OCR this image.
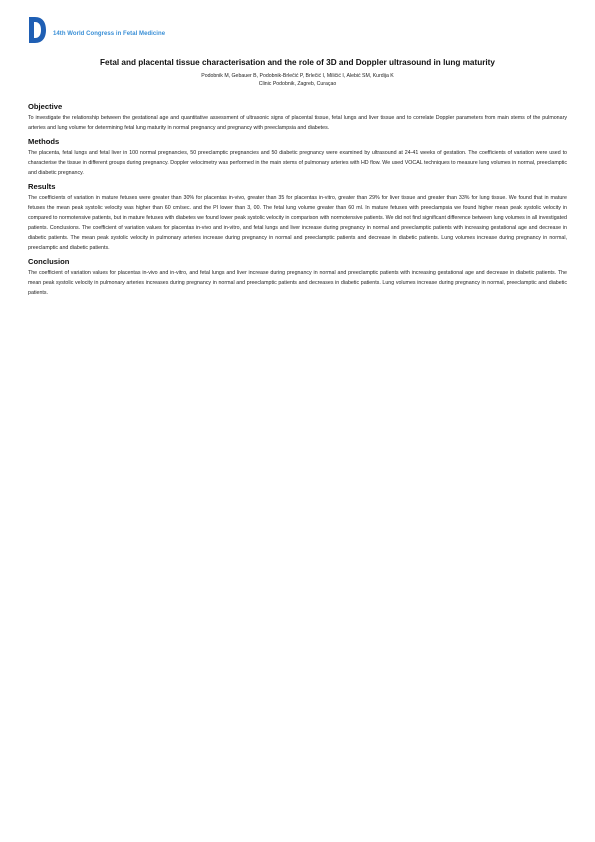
14th World Congress in Fetal Medicine
Fetal and placental tissue characterisation and the role of 3D and Doppler ultrasound in lung maturity
Podobnik M, Gebauer B, Podobnik-Brlečić P, Brlečić I, Miličić I, Alebić SM, Kurdija K
Clinic Podobnik, Zagreb, Curaçao
Objective

To investigate the relationship between the gestational age and quantitative assessment of ultrasonic signs of placental tissue, fetal lungs and liver tissue and to correlate Doppler parameters from main stems of the pulmonary arteries and lung volume for determining fetal lung maturity in normal pregnancy and pregnancy with preeclampsia and diabetes.

Methods

The placenta, fetal lungs and fetal liver in 100 normal pregnancies, 50 preeclamptic pregnancies and 50 diabetic pregnancy were examined by ultrasound at 24-41 weeks of gestation. The coefficients of variation were used to characterise the tissue in different groups during pregnancy. Doppler velocimetry was performed in the main stems of pulmonary arteries with HD flow. We used VOCAL techniques to measure lung volumes in normal, preeclamptic and diabetic pregnancy.

Results

The coefficients of variation in mature fetuses were greater than 30% for placentas in-vivo, greater than 35 for placentas in-vitro, greater than 29% for liver tissue and greater than 33% for lung tissue. We found that in mature fetuses the mean peak systolic velocity was higher than 60 cm/sec. and the PI lower than 3, 00. The fetal lung volume greater than 60 ml. In mature fetuses with preeclampsia we found higher mean peak systolic velocity in compared to normotensive patients, but in mature fetuses with diabetes we found lower peak systolic velocity in comparison with normotensive patients. We did not find significant difference between lung volumes in all investigated patients. Conclusions. The coefficient of variation values for placentas in-vivo and in-vitro, and fetal lungs and liver increase during pregnancy in normal and preeclamptic patients with increasing gestational age and decrease in diabetic patients. The mean peak systolic velocity in pulmonary arteries increase during pregnancy in normal and preeclamptic patients and decrease in diabetic patients. Lung volumes increase during pregnancy in normal, preeclamptic and diabetic patients.

Conclusion

The coefficient of variation values for placentas in-vivo and in-vitro, and fetal lungs and liver increase during pregnancy in normal and preeclamptic patients with increasing gestational age and decrease in diabetic patients. The mean peak systolic velocity in pulmonary arteries increases during pregnancy in normal and preeclamptic patients and decreases in diabetic patients. Lung volumes increase during pregnancy in normal, preeclamptic and diabetic patients.
